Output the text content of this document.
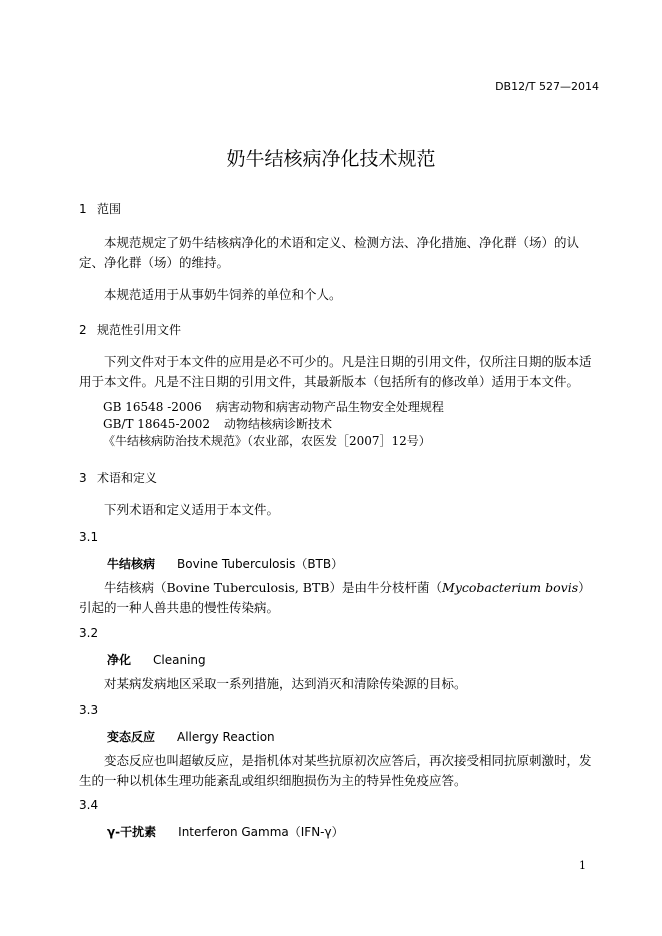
DB12/T 527—2014
奶牛结核病净化技术规范
1 范围
本规范规定了奶牛结核病净化的术语和定义、检测方法、净化措施、净化群（场）的认定、净化群（场）的维持。
本规范适用于从事奶牛饲养的单位和个人。
2 规范性引用文件
下列文件对于本文件的应用是必不可少的。凡是注日期的引用文件，仅所注日期的版本适用于本文件。凡是不注日期的引用文件，其最新版本（包括所有的修改单）适用于本文件。
GB 16548 -2006 病害动物和病害动物产品生物安全处理规程
GB/T 18645-2002 动物结核病诊断技术
《牛结核病防治技术规范》（农业部，农医发［2007］12号）
3 术语和定义
下列术语和定义适用于本文件。
3.1
牛结核病 Bovine Tuberculosis（BTB）
牛结核病（Bovine Tuberculosis, BTB）是由牛分枝杆菌（Mycobacterium bovis）引起的一种人兽共患的慢性传染病。
3.2
净化 Cleaning
对某病发病地区采取一系列措施，达到消灭和清除传染源的目标。
3.3
变态反应 Allergy Reaction
变态反应也叫超敏反应，是指机体对某些抗原初次应答后，再次接受相同抗原刺激时，发生的一种以机体生理功能紊乱或组织细胞损伤为主的特异性免疫应答。
3.4
γ-干扰素 Interferon Gamma（IFN-γ）
1
